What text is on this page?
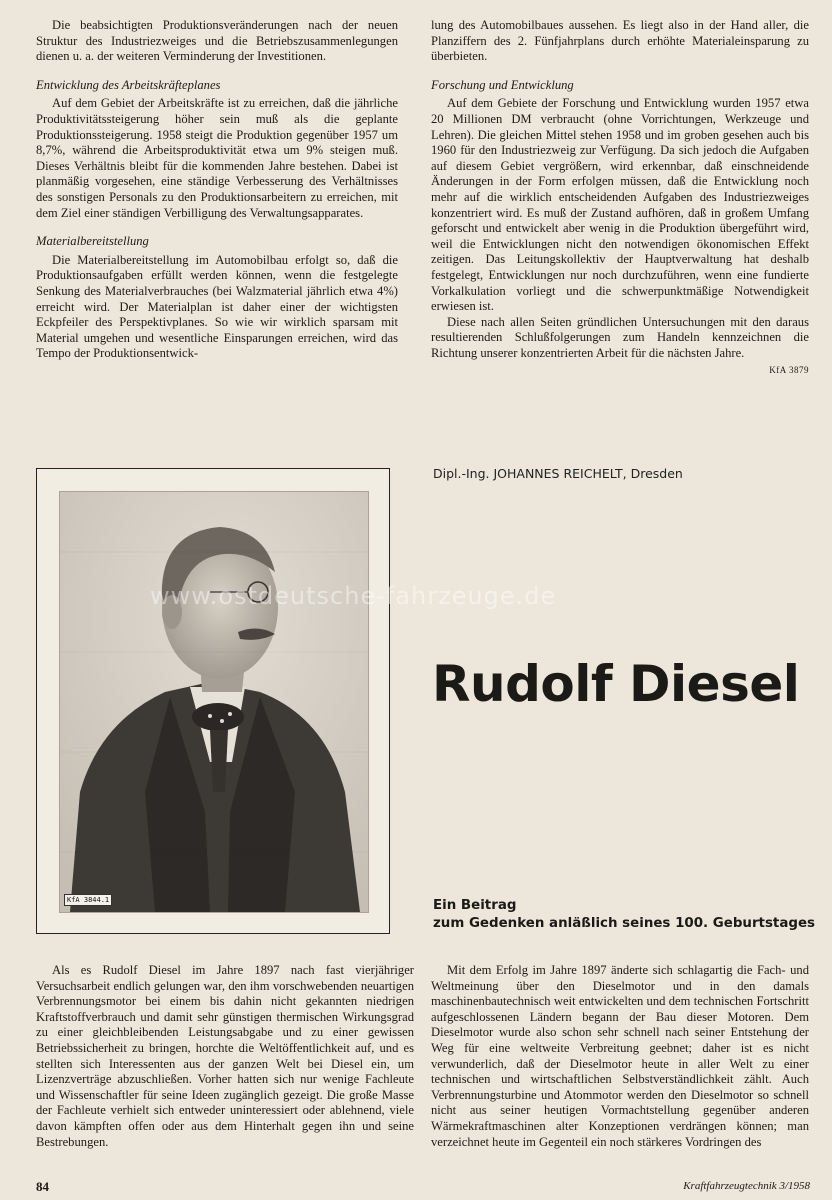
Die beabsichtigten Produktionsveränderungen nach der neuen Struktur des Industriezweiges und die Betriebszusammenlegungen dienen u. a. der weiteren Verminderung der Investitionen.

Entwicklung des Arbeitskräfteplanes

Auf dem Gebiet der Arbeitskräfte ist zu erreichen, daß die jährliche Produktivitätssteigerung höher sein muß als die geplante Produktionssteigerung. 1958 steigt die Produktion gegenüber 1957 um 8,7%, während die Arbeitsproduktivität etwa um 9% steigen muß. Dieses Verhältnis bleibt für die kommenden Jahre bestehen. Dabei ist planmäßig vorgesehen, eine ständige Verbesserung des Verhältnisses des sonstigen Personals zu den Produktionsarbeitern zu erreichen, mit dem Ziel einer ständigen Verbilligung des Verwaltungsapparates.

Materialbereitstellung

Die Materialbereitstellung im Automobilbau erfolgt so, daß die Produktionsaufgaben erfüllt werden können, wenn die festgelegte Senkung des Materialverbrauches (bei Walzmaterial jährlich etwa 4%) erreicht wird. Der Materialplan ist daher einer der wichtigsten Eckpfeiler des Perspektivplanes. So wie wir wirklich sparsam mit Material umgehen und wesentliche Einsparungen erreichen, wird das Tempo der Produktionsentwick-

lung des Automobilbaues aussehen. Es liegt also in der Hand aller, die Planziffern des 2. Fünfjahrplans durch erhöhte Materialeinsparung zu überbieten.

Forschung und Entwicklung

Auf dem Gebiete der Forschung und Entwicklung wurden 1957 etwa 20 Millionen DM verbraucht (ohne Vorrichtungen, Werkzeuge und Lehren). Die gleichen Mittel stehen 1958 und im groben gesehen auch bis 1960 für den Industriezweig zur Verfügung. Da sich jedoch die Aufgaben auf diesem Gebiet vergrößern, wird erkennbar, daß einschneidende Änderungen in der Form erfolgen müssen, daß die Entwicklung noch mehr auf die wirklich entscheidenden Aufgaben des Industriezweiges konzentriert wird. Es muß der Zustand aufhören, daß in großem Umfang geforscht und entwickelt aber wenig in die Produktion übergeführt wird, weil die Entwicklungen nicht den notwendigen ökonomischen Effekt zeitigen. Das Leitungskollektiv der Hauptverwaltung hat deshalb festgelegt, Entwicklungen nur noch durchzuführen, wenn eine fundierte Vorkalkulation vorliegt und die schwerpunktmäßige Notwendigkeit erwiesen ist.

Diese nach allen Seiten gründlichen Untersuchungen mit den daraus resultierenden Schlußfolgerungen zum Handeln kennzeichnen die Richtung unserer konzentrierten Arbeit für die nächsten Jahre.

KfA 3879
KfA 3844.1
www.ostdeutsche-fahrzeuge.de
Dipl.-Ing. JOHANNES REICHELT, Dresden
Rudolf Diesel
Ein Beitrag
zum Gedenken anläßlich seines 100. Geburtstages

Als es Rudolf Diesel im Jahre 1897 nach fast vierjähriger Versuchsarbeit endlich gelungen war, den ihm vorschwebenden neuartigen Verbrennungsmotor bei einem bis dahin nicht gekannten niedrigen Kraftstoffverbrauch und damit sehr günstigen thermischen Wirkungsgrad zu einer gleichbleibenden Leistungsabgabe und zu einer gewissen Betriebssicherheit zu bringen, horchte die Weltöffentlichkeit auf, und es stellten sich Interessenten aus der ganzen Welt bei Diesel ein, um Lizenzverträge abzuschließen. Vorher hatten sich nur wenige Fachleute und Wissenschaftler für seine Ideen zugänglich gezeigt. Die große Masse der Fachleute verhielt sich entweder uninteressiert oder ablehnend, viele davon kämpften offen oder aus dem Hinterhalt gegen ihn und seine Bestrebungen.

Mit dem Erfolg im Jahre 1897 änderte sich schlagartig die Fach- und Weltmeinung über den Dieselmotor und in den damals maschinenbautechnisch weit entwickelten und dem technischen Fortschritt aufgeschlossenen Ländern begann der Bau dieser Motoren. Dem Dieselmotor wurde also schon sehr schnell nach seiner Entstehung der Weg für eine weltweite Verbreitung geebnet; daher ist es nicht verwunderlich, daß der Dieselmotor heute in aller Welt zu einer technischen und wirtschaftlichen Selbstverständlichkeit zählt. Auch Verbrennungsturbine und Atommotor werden den Dieselmotor so schnell nicht aus seiner heutigen Vormachtstellung gegenüber anderen Wärmekraftmaschinen alter Konzeptionen verdrängen können; man verzeichnet heute im Gegenteil ein noch stärkeres Vordringen des

84	Kraftfahrzeugtechnik 3/1958
